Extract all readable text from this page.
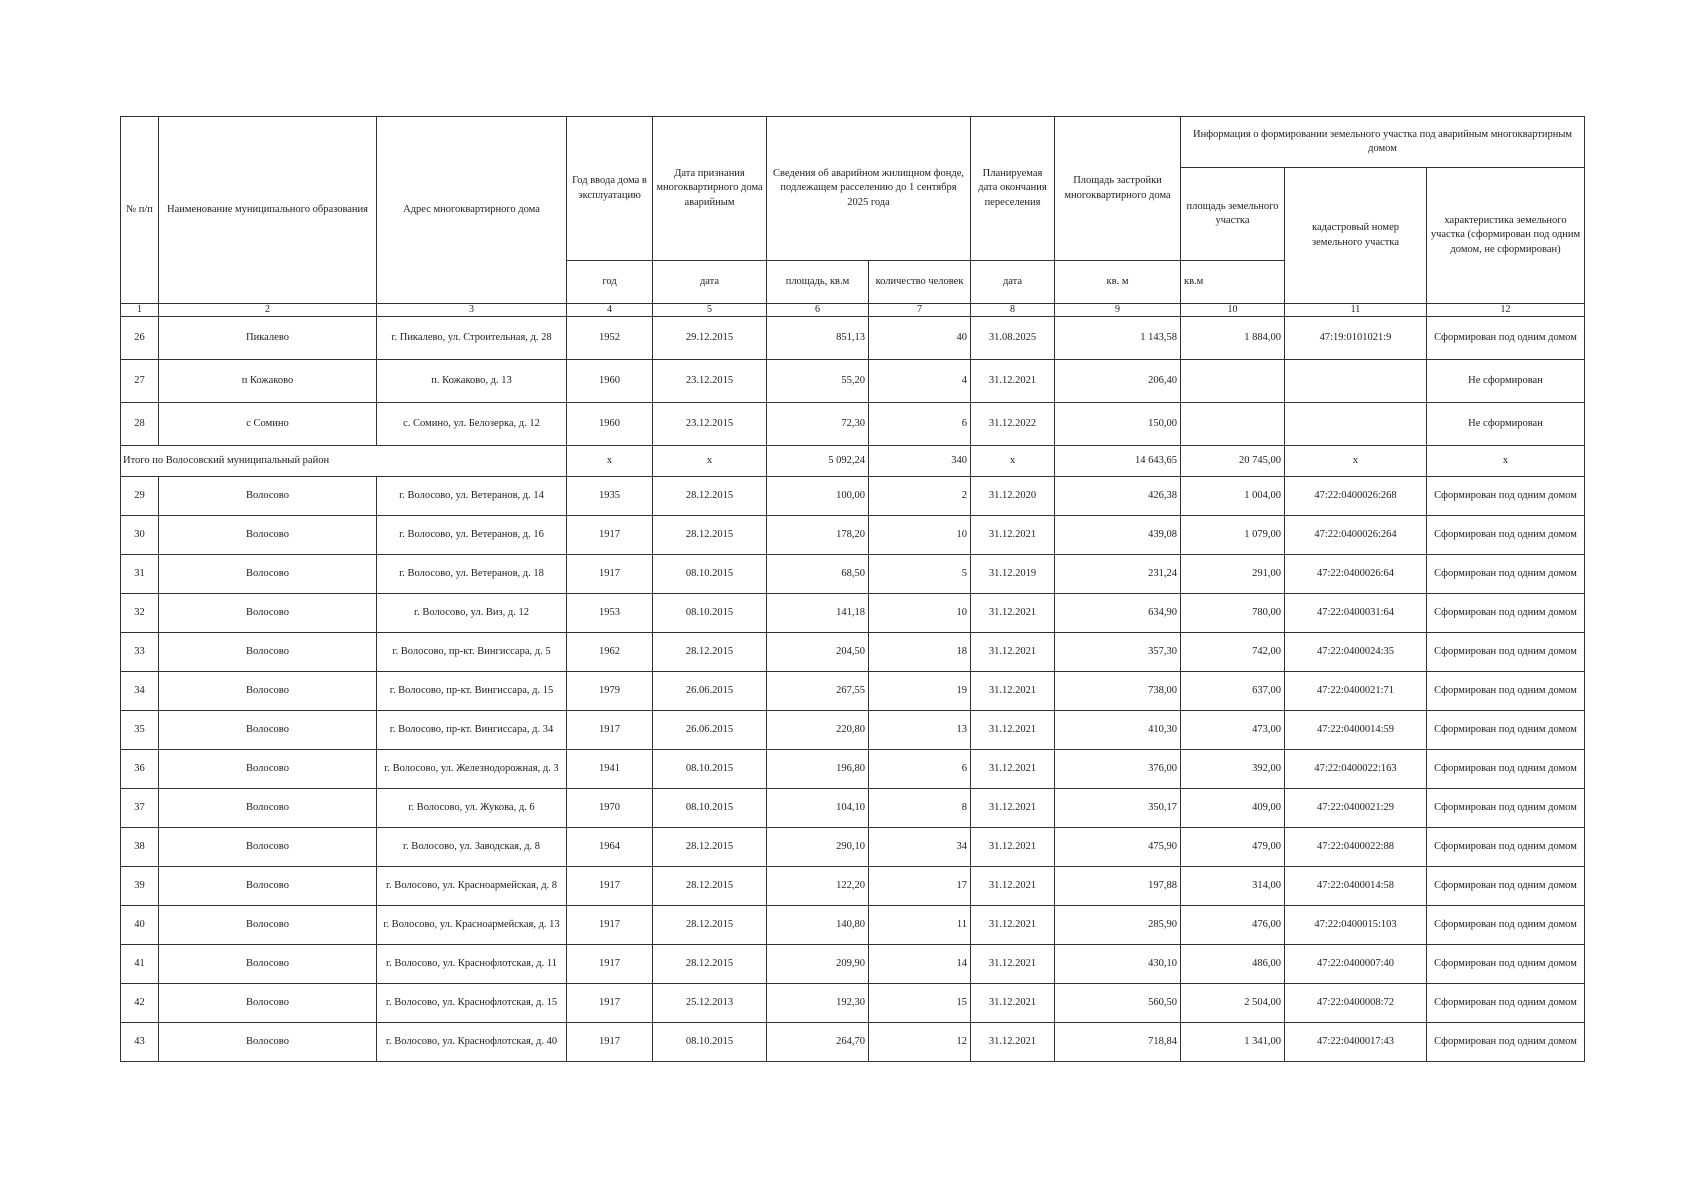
№ п/п	Наименование муниципального образования	Адрес многоквартирного дома	Год ввода дома в эксплуатацию	Дата признания многоквартирного дома аварийным	Сведения об аварийном жилищном фонде, подлежащем расселению до 1 сентября 2025 года		Планируемая дата окончания переселения	Площадь застройки многоквартирного дома	Информация о формировании земельного участка под аварийным многоквартирным домом		
									площадь земельного участка	кадастровый номер земельного участка	характеристика земельного участка (сформирован под одним домом, не сформирован)
			год	дата	площадь, кв.м	количество человек	дата	кв. м	кв.м		
1	2	3	4	5	6	7	8	9	10	11	12
26	Пикалево	г. Пикалево, ул. Строительная, д. 28	1952	29.12.2015	851,13	40	31.08.2025	1 143,58	1 884,00	47:19:0101021:9	Сформирован под одним домом
27	п Кожаково	п. Кожаково, д. 13	1960	23.12.2015	55,20	4	31.12.2021	206,40			Не сформирован
28	с Сомино	с. Сомино, ул. Белозерка, д. 12	1960	23.12.2015	72,30	6	31.12.2022	150,00			Не сформирован
Итого по Волосовский муниципальный район			х	х	5 092,24	340	х	14 643,65	20 745,00	х	х
29	Волосово	г. Волосово, ул. Ветеранов, д. 14	1935	28.12.2015	100,00	2	31.12.2020	426,38	1 004,00	47:22:0400026:268	Сформирован под одним домом
30	Волосово	г. Волосово, ул. Ветеранов, д. 16	1917	28.12.2015	178,20	10	31.12.2021	439,08	1 079,00	47:22:0400026:264	Сформирован под одним домом
31	Волосово	г. Волосово, ул. Ветеранов, д. 18	1917	08.10.2015	68,50	5	31.12.2019	231,24	291,00	47:22:0400026:64	Сформирован под одним домом
32	Волосово	г. Волосово, ул. Виз, д. 12	1953	08.10.2015	141,18	10	31.12.2021	634,90	780,00	47:22:0400031:64	Сформирован под одним домом
33	Волосово	г. Волосово, пр-кт. Вингиссара, д. 5	1962	28.12.2015	204,50	18	31.12.2021	357,30	742,00	47:22:0400024:35	Сформирован под одним домом
34	Волосово	г. Волосово, пр-кт. Вингиссара, д. 15	1979	26.06.2015	267,55	19	31.12.2021	738,00	637,00	47:22:0400021:71	Сформирован под одним домом
35	Волосово	г. Волосово, пр-кт. Вингиссара, д. 34	1917	26.06.2015	220,80	13	31.12.2021	410,30	473,00	47:22:0400014:59	Сформирован под одним домом
36	Волосово	г. Волосово, ул. Железнодорожная, д. 3	1941	08.10.2015	196,80	6	31.12.2021	376,00	392,00	47:22:0400022:163	Сформирован под одним домом
37	Волосово	г. Волосово, ул. Жукова, д. 6	1970	08.10.2015	104,10	8	31.12.2021	350,17	409,00	47:22:0400021:29	Сформирован под одним домом
38	Волосово	г. Волосово, ул. Заводская, д. 8	1964	28.12.2015	290,10	34	31.12.2021	475,90	479,00	47:22:0400022:88	Сформирован под одним домом
39	Волосово	г. Волосово, ул. Красноармейская, д. 8	1917	28.12.2015	122,20	17	31.12.2021	197,88	314,00	47:22:0400014:58	Сформирован под одним домом
40	Волосово	г. Волосово, ул. Красноармейская, д. 13	1917	28.12.2015	140,80	11	31.12.2021	285,90	476,00	47:22:0400015:103	Сформирован под одним домом
41	Волосово	г. Волосово, ул. Краснофлотская, д. 11	1917	28.12.2015	209,90	14	31.12.2021	430,10	486,00	47:22:0400007:40	Сформирован под одним домом
42	Волосово	г. Волосово, ул. Краснофлотская, д. 15	1917	25.12.2013	192,30	15	31.12.2021	560,50	2 504,00	47:22:0400008:72	Сформирован под одним домом
43	Волосово	г. Волосово, ул. Краснофлотская, д. 40	1917	08.10.2015	264,70	12	31.12.2021	718,84	1 341,00	47:22:0400017:43	Сформирован под одним домом
